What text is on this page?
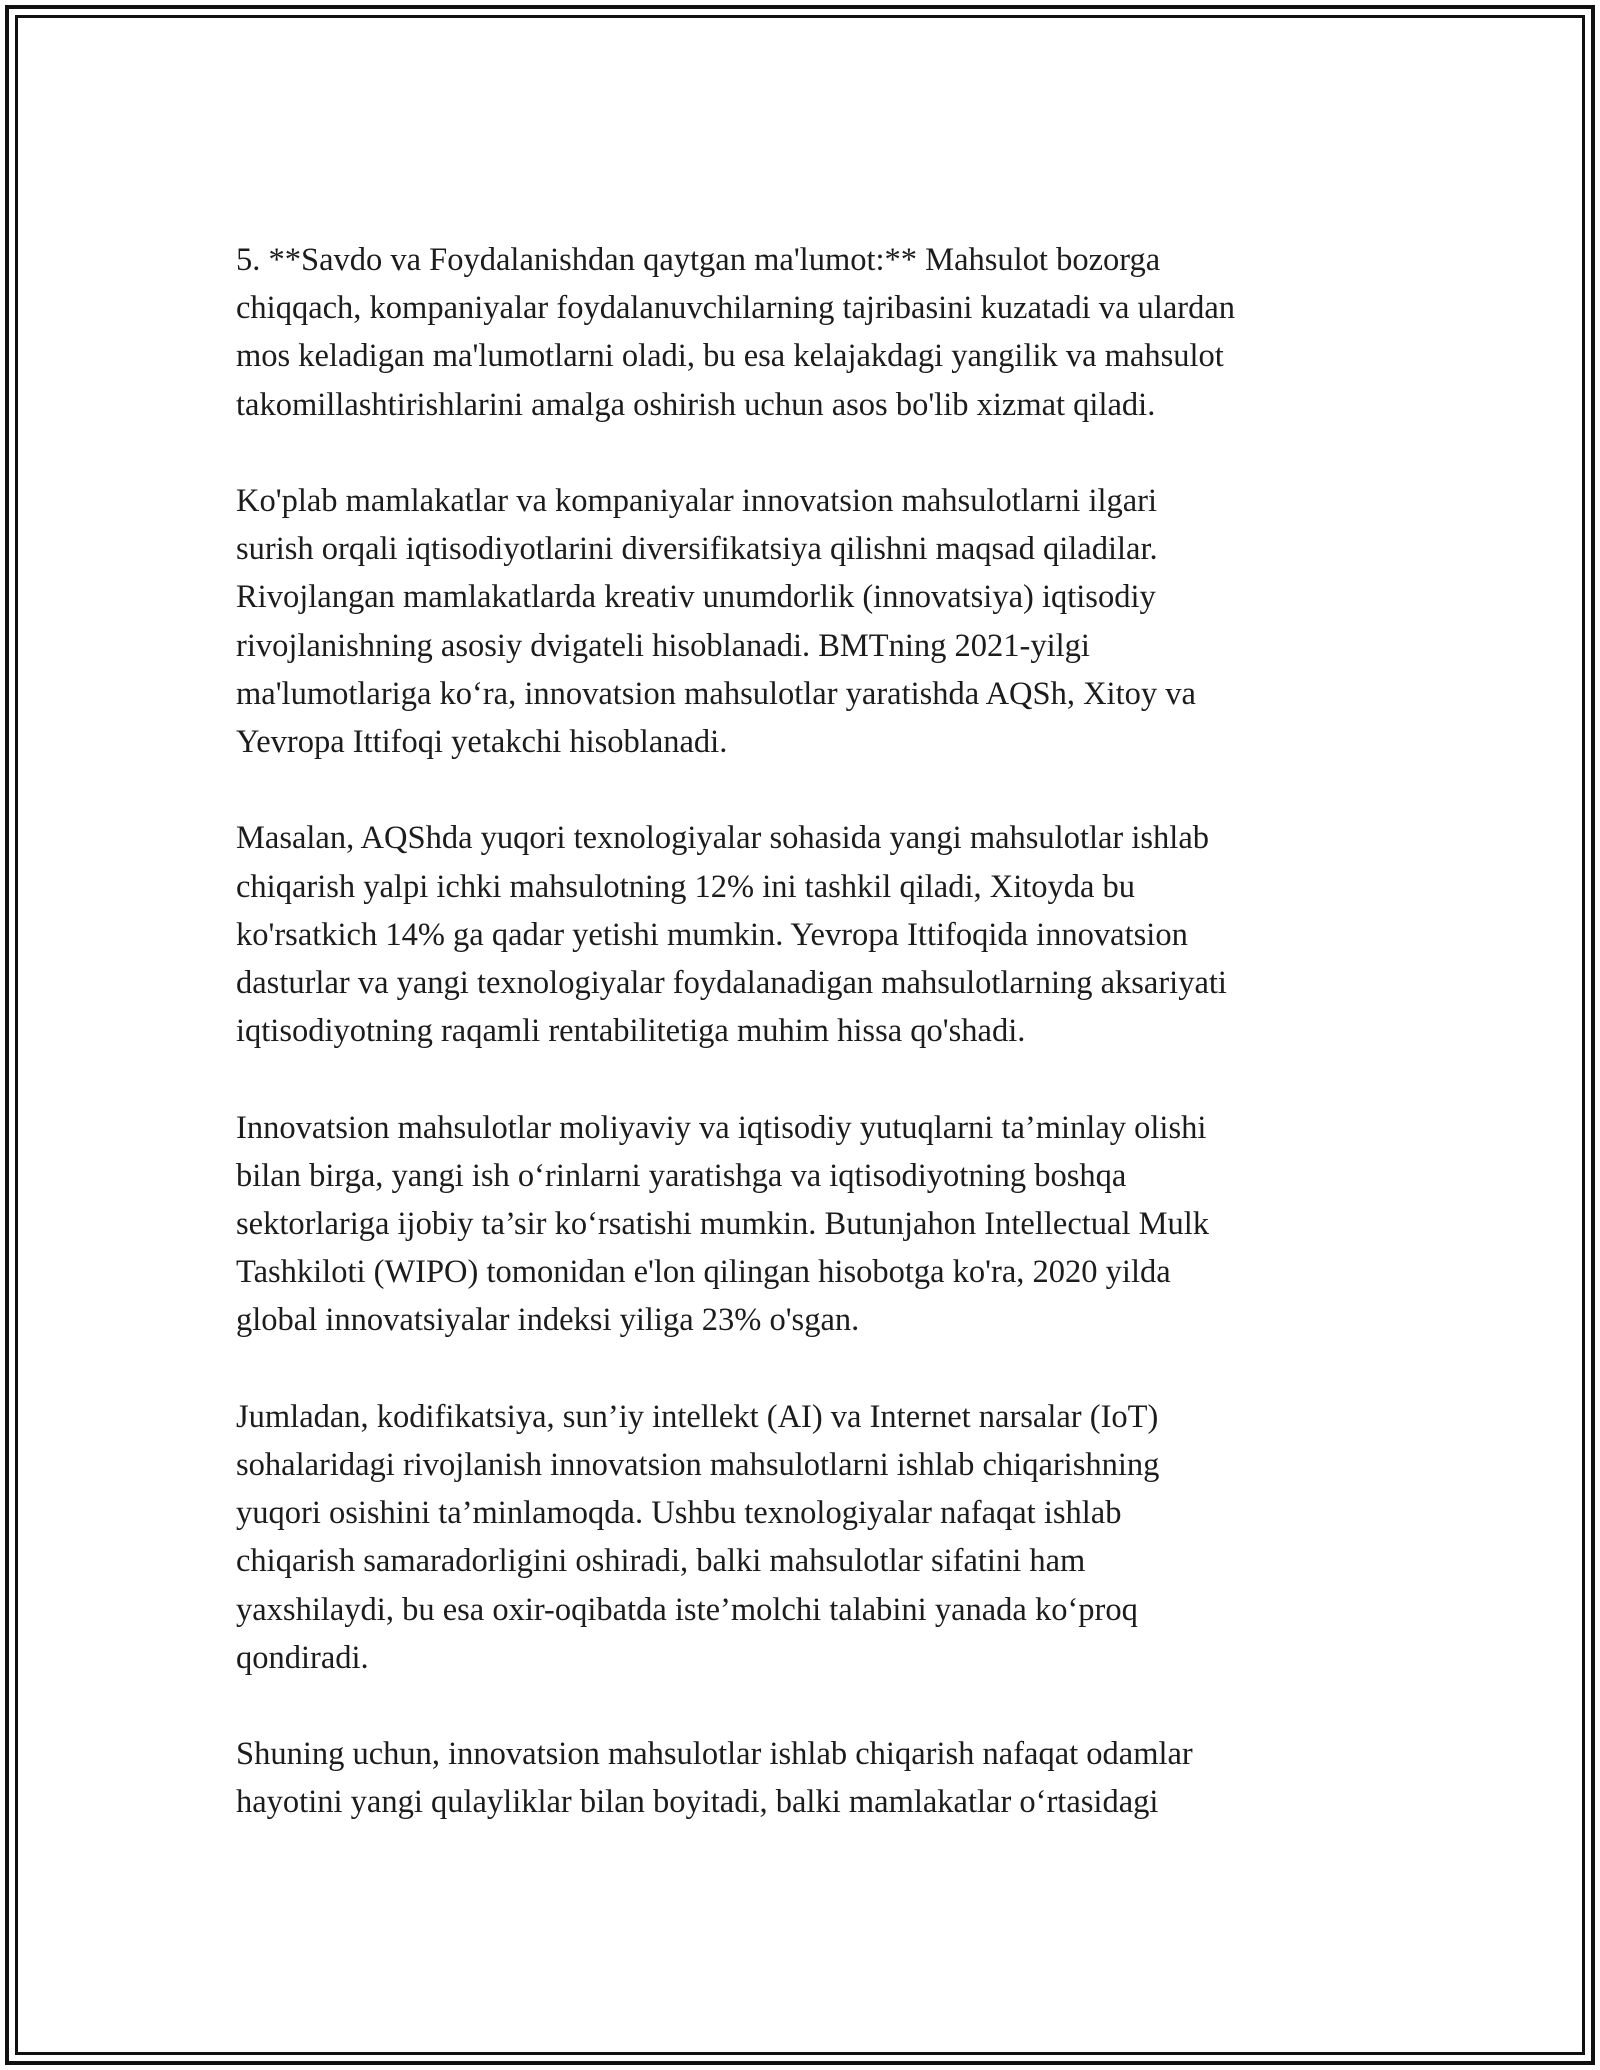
5. **Savdo va Foydalanishdan qaytgan ma'lumot:** Mahsulot bozorga
chiqqach, kompaniyalar foydalanuvchilarning tajribasini kuzatadi va ulardan
mos keladigan ma'lumotlarni oladi, bu esa kelajakdagi yangilik va mahsulot
takomillashtirishlarini amalga oshirish uchun asos bo'lib xizmat qiladi.

Ko'plab mamlakatlar va kompaniyalar innovatsion mahsulotlarni ilgari
surish orqali iqtisodiyotlarini diversifikatsiya qilishni maqsad qiladilar.
Rivojlangan mamlakatlarda kreativ unumdorlik (innovatsiya) iqtisodiy
rivojlanishning asosiy dvigateli hisoblanadi. BMTning 2021-yilgi
ma'lumotlariga ko‘ra, innovatsion mahsulotlar yaratishda AQSh, Xitoy va
Yevropa Ittifoqi yetakchi hisoblanadi.

Masalan, AQShda yuqori texnologiyalar sohasida yangi mahsulotlar ishlab
chiqarish yalpi ichki mahsulotning 12% ini tashkil qiladi, Xitoyda bu
ko'rsatkich 14% ga qadar yetishi mumkin. Yevropa Ittifoqida innovatsion
dasturlar va yangi texnologiyalar foydalanadigan mahsulotlarning aksariyati
iqtisodiyotning raqamli rentabilitetiga muhim hissa qo'shadi.

Innovatsion mahsulotlar moliyaviy va iqtisodiy yutuqlarni ta’minlay olishi
bilan birga, yangi ish o‘rinlarni yaratishga va iqtisodiyotning boshqa
sektorlariga ijobiy ta’sir ko‘rsatishi mumkin. Butunjahon Intellectual Mulk
Tashkiloti (WIPO) tomonidan e'lon qilingan hisobotga ko'ra, 2020 yilda
global innovatsiyalar indeksi yiliga 23% o'sgan.

Jumladan, kodifikatsiya, sun’iy intellekt (AI) va Internet narsalar (IoT)
sohalaridagi rivojlanish innovatsion mahsulotlarni ishlab chiqarishning
yuqori osishini ta’minlamoqda. Ushbu texnologiyalar nafaqat ishlab
chiqarish samaradorligini oshiradi, balki mahsulotlar sifatini ham
yaxshilaydi, bu esa oxir-oqibatda iste’molchi talabini yanada ko‘proq
qondiradi.

Shuning uchun, innovatsion mahsulotlar ishlab chiqarish nafaqat odamlar
hayotini yangi qulayliklar bilan boyitadi, balki mamlakatlar o‘rtasidagi
